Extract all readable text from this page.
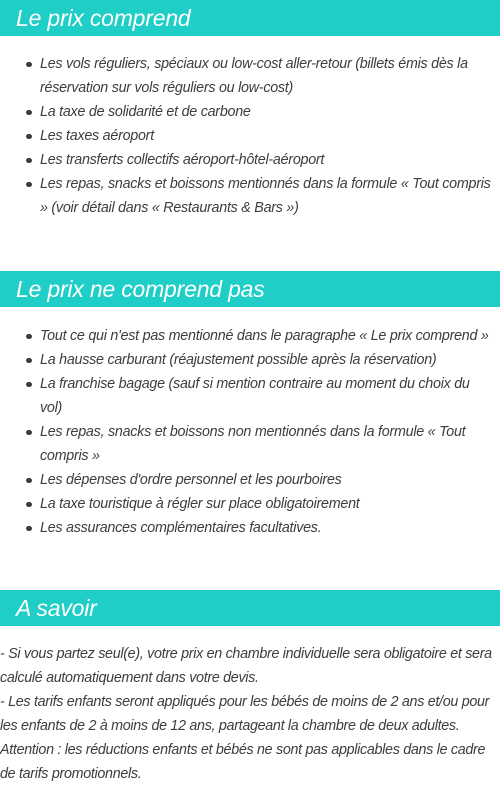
Le prix comprend
Les vols réguliers, spéciaux ou low-cost aller-retour (billets émis dès la réservation sur vols réguliers ou low-cost)
La taxe de solidarité et de carbone
Les taxes aéroport
Les transferts collectifs aéroport-hôtel-aéroport
Les repas, snacks et boissons mentionnés dans la formule « Tout compris » (voir détail dans « Restaurants & Bars »)
Le prix ne comprend pas
Tout ce qui n'est pas mentionné dans le paragraphe « Le prix comprend »
La hausse carburant (réajustement possible après la réservation)
La franchise bagage (sauf si mention contraire au moment du choix du vol)
Les repas, snacks et boissons non mentionnés dans la formule « Tout compris »
Les dépenses d'ordre personnel et les pourboires
La taxe touristique à régler sur place obligatoirement
Les assurances complémentaires facultatives.
A savoir

- Si vous partez seul(e), votre prix en chambre individuelle sera obligatoire et sera calculé automatiquement dans votre devis.

- Les tarifs enfants seront appliqués pour les bébés de moins de 2 ans et/ou pour les enfants de 2 à moins de 12 ans, partageant la chambre de deux adultes.

Attention : les réductions enfants et bébés ne sont pas applicables dans le cadre de tarifs promotionnels.
